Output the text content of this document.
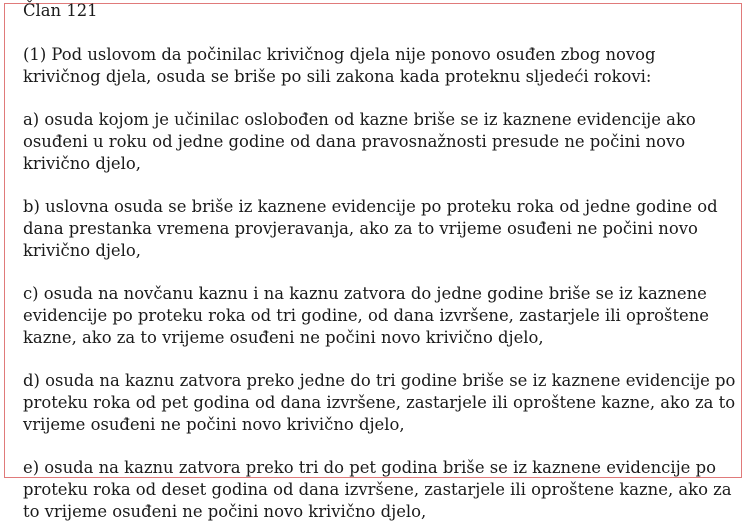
Član 121

(1) Pod uslovom da počinilac krivičnog djela nije ponovo osuđen zbog novog krivičnog djela, osuda se briše po sili zakona kada proteknu sljedeći rokovi:

a) osuda kojom je učinilac oslobođen od kazne briše se iz kaznene evidencije ako osuđeni u roku od jedne godine od dana pravosnažnosti presude ne počini novo krivično djelo,

b) uslovna osuda se briše iz kaznene evidencije po proteku roka od jedne godine od dana prestanka vremena provjeravanja, ako za to vrijeme osuđeni ne počini novo krivično djelo,

c) osuda na novčanu kaznu i na kaznu zatvora do jedne godine briše se iz kaznene evidencije po proteku roka od tri godine, od dana izvršene, zastarjele ili oproštene kazne, ako za to vrijeme osuđeni ne počini novo krivično djelo,

d) osuda na kaznu zatvora preko jedne do tri godine briše se iz kaznene evidencije po proteku roka od pet godina od dana izvršene, zastarjele ili oproštene kazne, ako za to vrijeme osuđeni ne počini novo krivično djelo,

e) osuda na kaznu zatvora preko tri do pet godina briše se iz kaznene evidencije po proteku roka od deset godina od dana izvršene, zastarjele ili oproštene kazne, ako za to vrijeme osuđeni ne počini novo krivično djelo,
